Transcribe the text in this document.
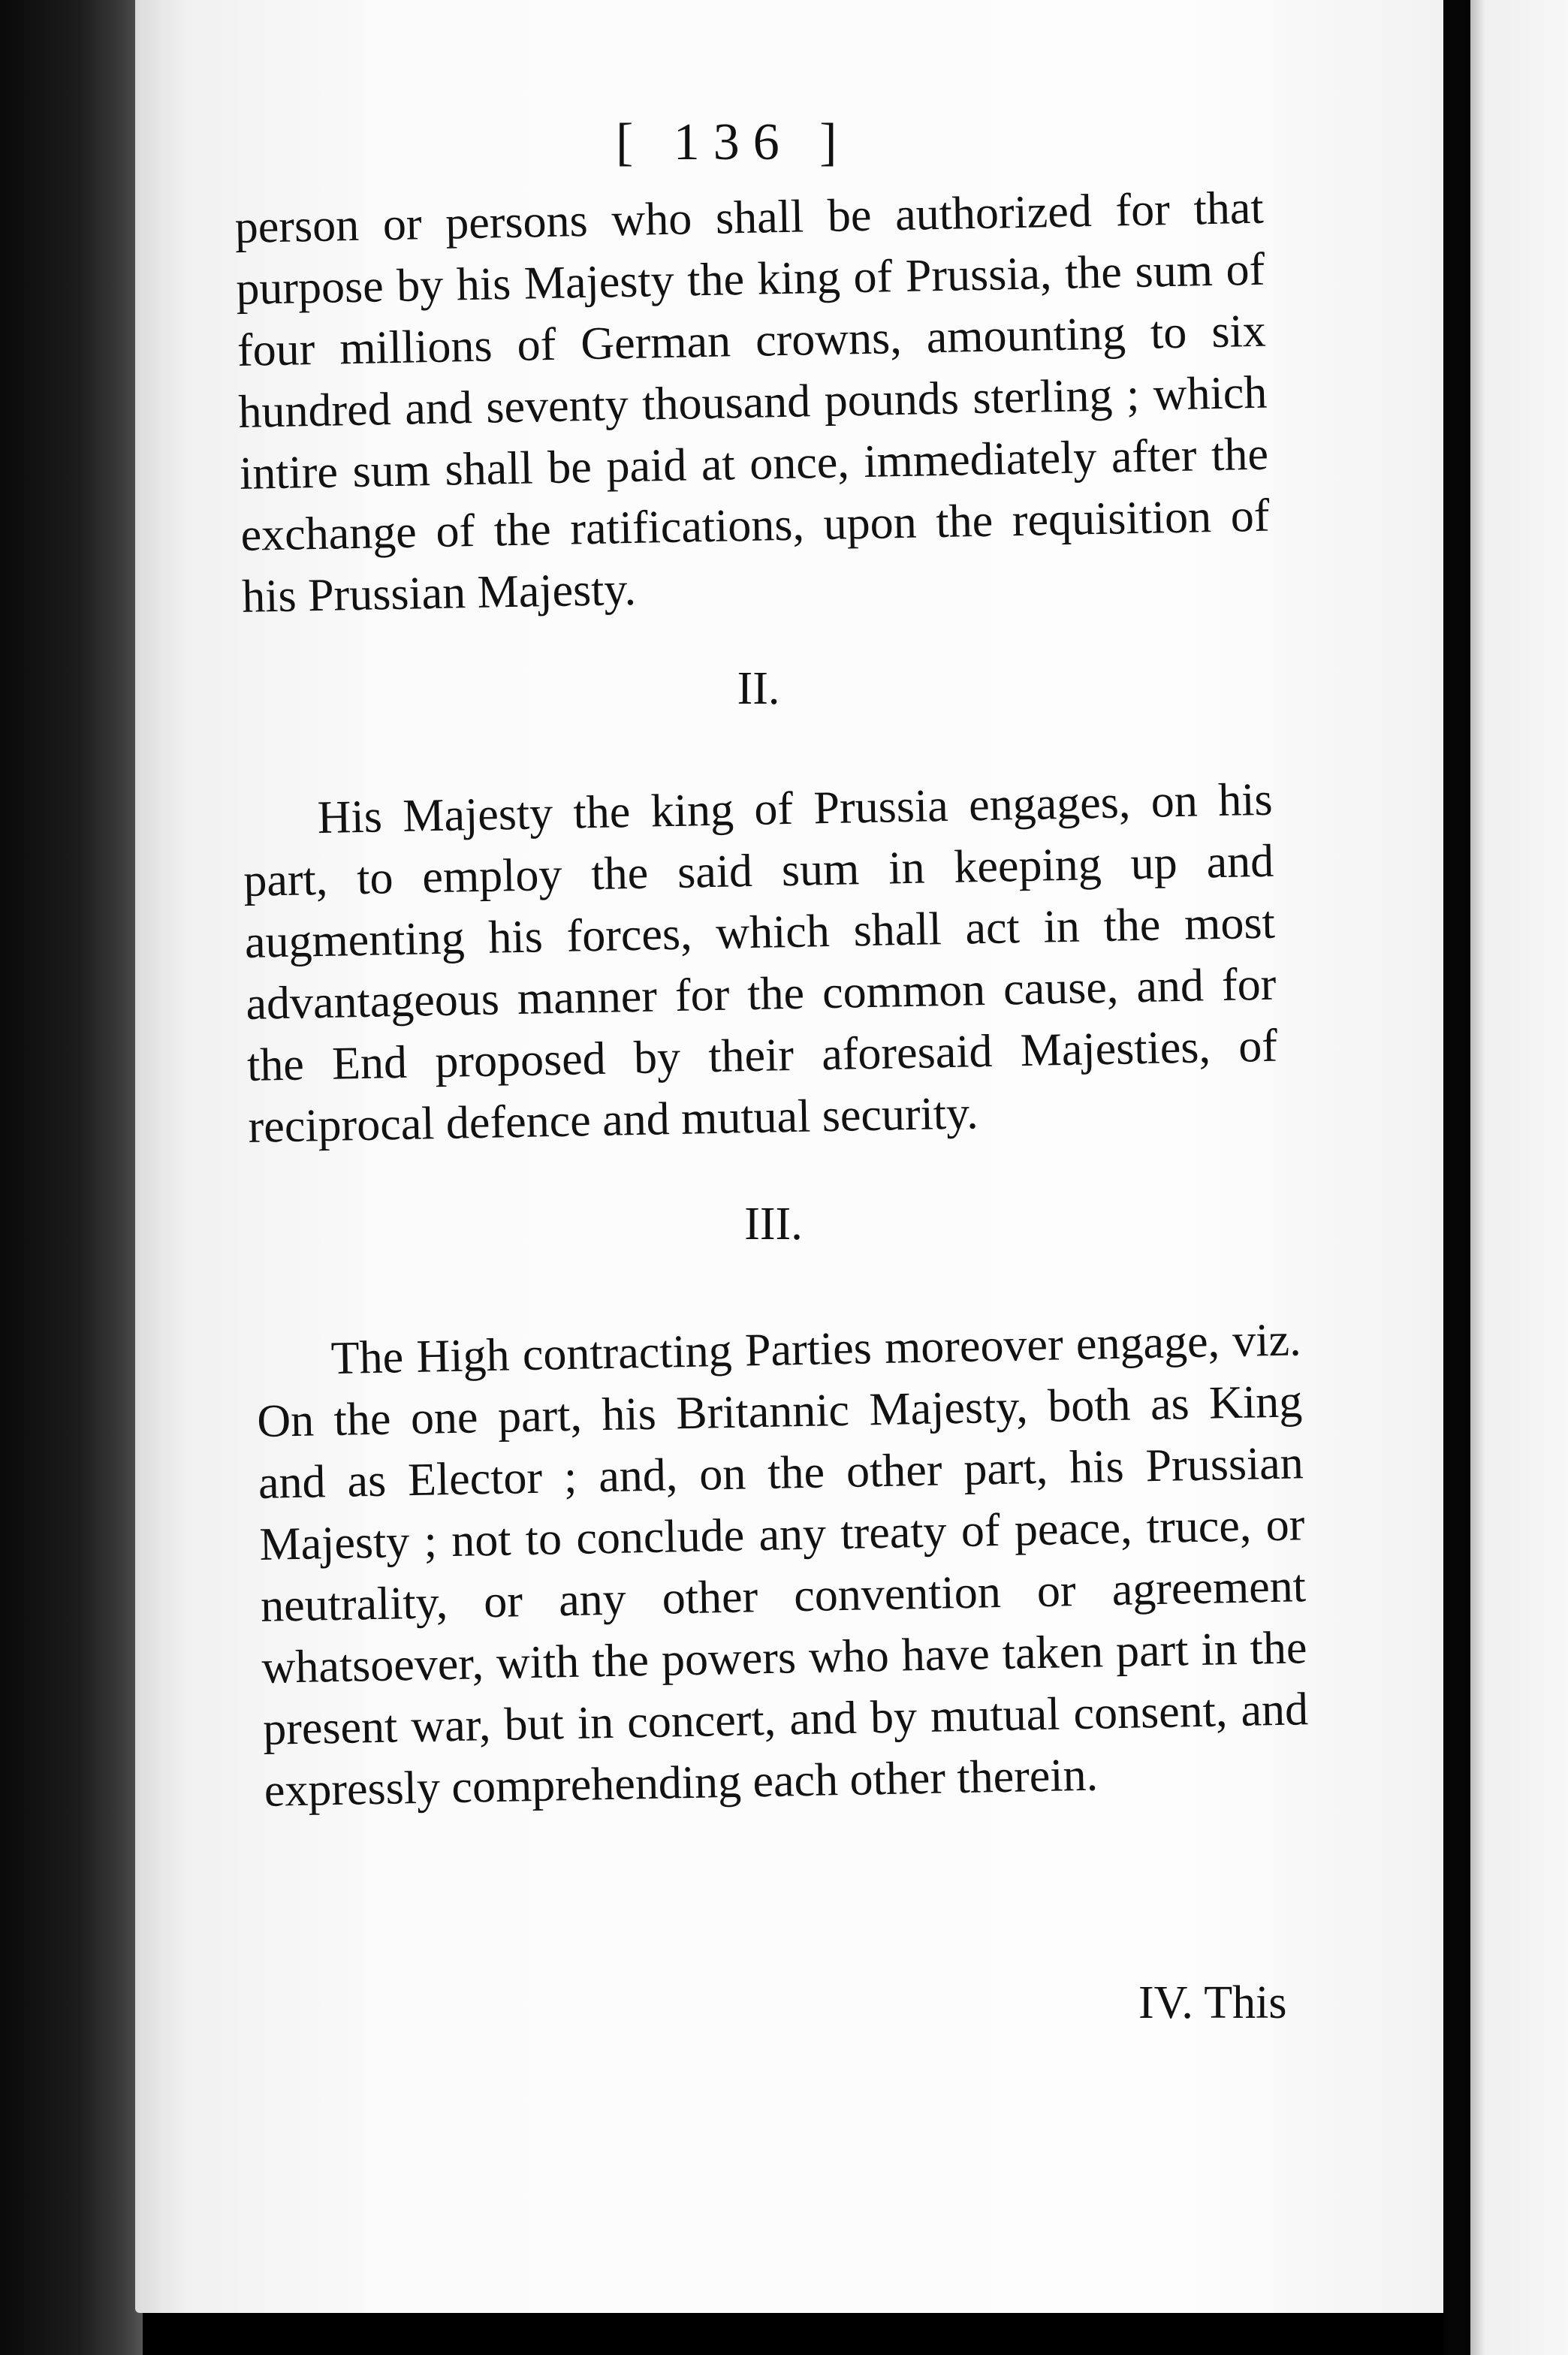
[ 136 ]

person or persons who shall be authorized for that purpose by his Majesty the king of Prussia, the sum of four millions of German crowns, amounting to six hundred and seventy thousand pounds sterling ; which intire sum shall be paid at once, immediately after the exchange of the ratifications, upon the requisition of his Prussian Majesty.

II.

His Majesty the king of Prussia engages, on his part, to employ the said sum in keeping up and augmenting his forces, which shall act in the most advantageous manner for the common cause, and for the End proposed by their aforesaid Majesties, of reciprocal defence and mutual security.

III.

The High contracting Parties moreover engage, viz. On the one part, his Britannic Majesty, both as King and as Elector ; and, on the other part, his Prussian Majesty ; not to conclude any treaty of peace, truce, or neutrality, or any other convention or agreement whatsoever, with the powers who have taken part in the present war, but in concert, and by mutual consent, and expressly comprehending each other therein.

IV. This
